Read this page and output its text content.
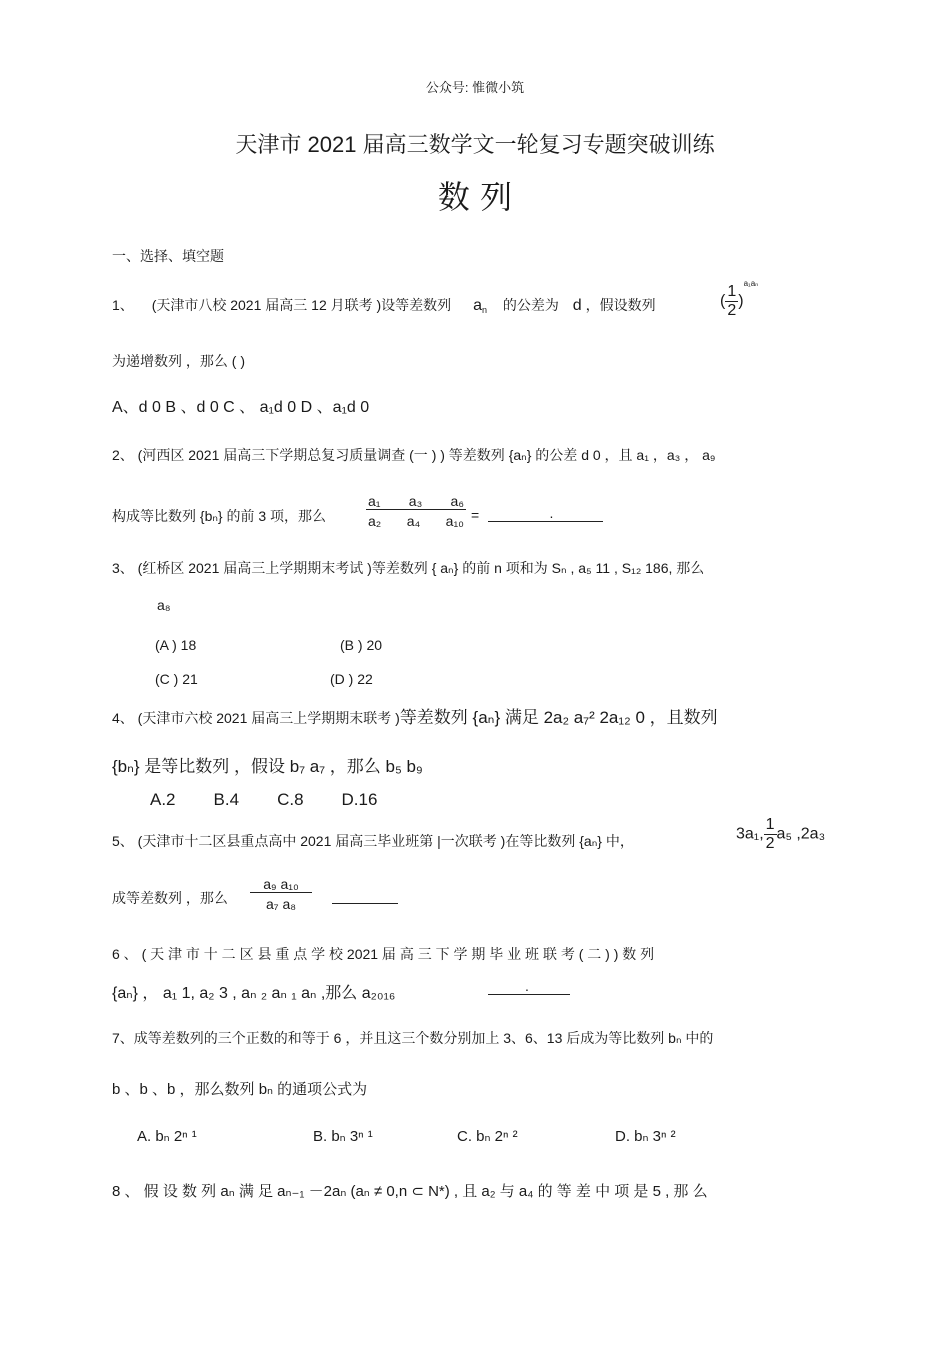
公众号: 惟微小筑
天津市 2021 届高三数学文一轮复习专题突破训练
数 列
一、选择、填空题
1、 (天津市八校 2021 届高三 12 月联考 )设等差数列 $a_n$ 的公差为 d ，假设数列	( $\frac{1}{2} )^{a_1a_n}$
为递增数列 ，那么 ( )
A、d 0 B 、d 0 C 、 a₁d 0 D 、a₁d 0
2、 (河西区 2021 届高三下学期总复习质量调查 (一 ) ) 等差数列 {aₙ} 的公差 d 0 ，且 a₁ ，a₃ ， a₉
构成等比数列 {bₙ} 的前 3 项，那么
a₁ a₃ a₆
a₂ a₄ a₁₀ =	.
3、 (红桥区 2021 届高三上学期期末考试 )等差数列 { aₙ} 的前 n 项和为 Sₙ , a₅ 11 , S₁₂ 186, 那么
a₈
(A ) 18	(B ) 20
(C ) 21	(D ) 22
4、 (天津市六校 2021 届高三上学期期末联考 )等差数列 {aₙ} 满足 2a₂ a₇² 2a₁₂ 0 ，且数列
{bₙ} 是等比数列 ，假设 b₇ a₇ ，那么 b₅ b₉
A.2 B.4 C.8 D.16
5、 (天津市十二区县重点高中 2021 届高三毕业班第 |一次联考 )在等比数列 {aₙ} 中，	3a₁, $\frac{1}{2} a_5$ ,2a₃
成等差数列 ，那么 $\frac{\text{a₉ a₁₀}}{\text{a₇ a₈}}$
6 、 ( 天 津 市 十 二 区 县 重 点 学 校 2021 届 高 三 下 学 期 毕 业 班 联 考 ( 二 ) ) 数 列
{aₙ} ， a₁ 1, a₂ 3 , aₙ ₂ aₙ ₁ aₙ ,那么 a₂₀₁₆	.
7、成等差数列的三个正数的和等于 6 ，并且这三个数分别加上 3、6、13 后成为等比数列 bₙ 中的
b 、b 、b ，那么数列 bₙ 的通项公式为
A. bₙ 2ⁿ ¹	B. bₙ 3ⁿ ¹	C. bₙ 2ⁿ ²	D. bₙ 3ⁿ ²
8 、 假 设 数 列 aₙ 满 足 aₙ₋₁ －2aₙ (aₙ ≠ 0,n ⊂ N*) , 且 a₂ 与 a₄ 的 等 差 中 项 是 5 , 那 么
